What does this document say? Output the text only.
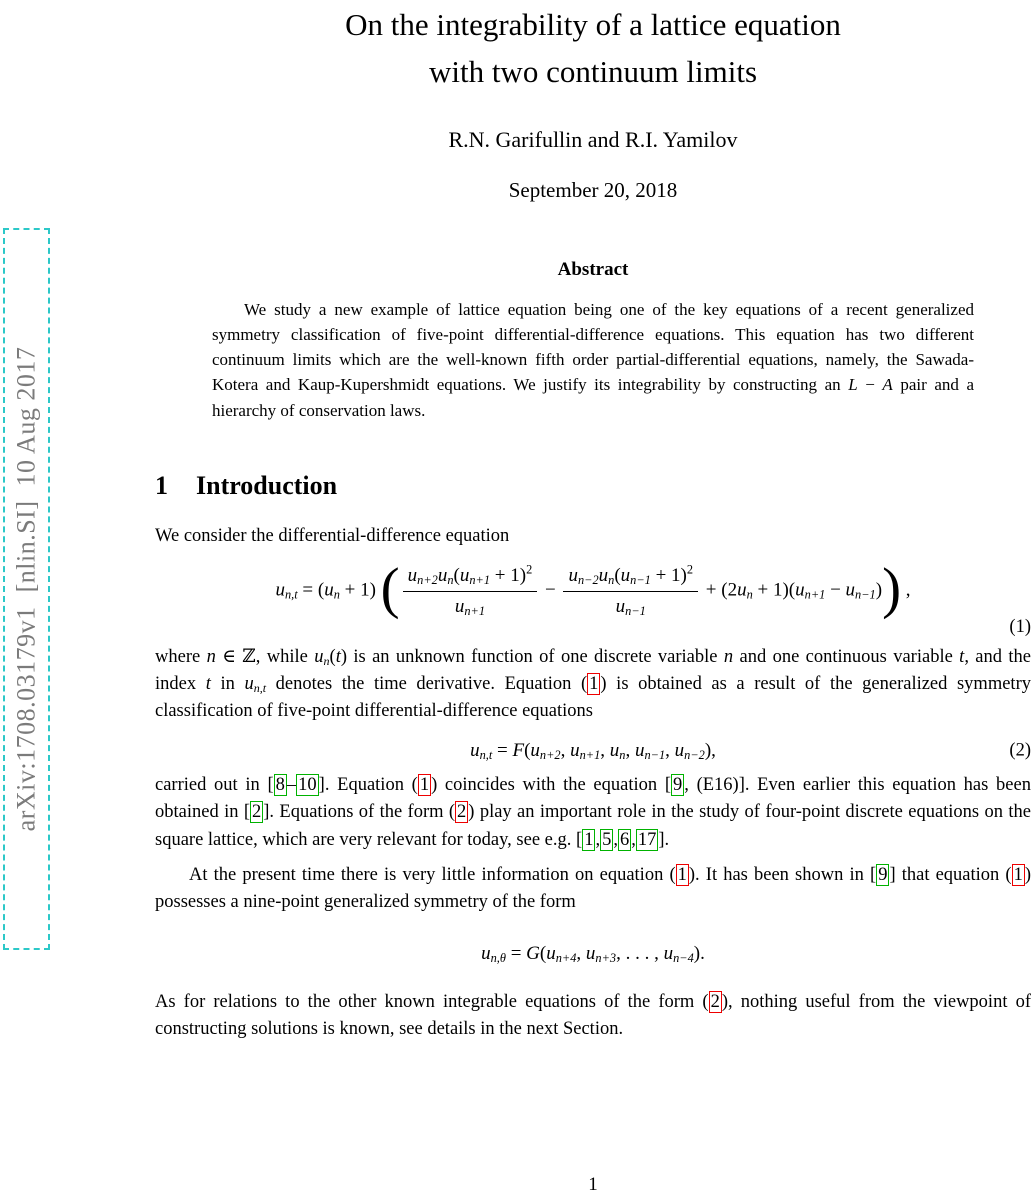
arXiv:1708.03179v1  [nlin.SI]  10 Aug 2017
On the integrability of a lattice equation
with two continuum limits
R.N. Garifullin and R.I. Yamilov
September 20, 2018
Abstract

We study a new example of lattice equation being one of the key equations of a recent generalized symmetry classification of five-point differential-difference equations. This equation has two different continuum limits which are the well-known fifth order partial-differential equations, namely, the Sawada-Kotera and Kaup-Kupershmidt equations. We justify its integrability by constructing an L − A pair and a hierarchy of conservation laws.

1 Introduction

We consider the differential-difference equation

$u_{n,t} = (u_n + 1)$ ( $\frac{u_{n+2}u_n(u_{n+1} + 1)^2}{u_{n+1}} - \frac{u_{n-2}u_n(u_{n-1} + 1)^2}{u_{n-1}} + (2u_n + 1)(u_{n+1} - u_{n-1})$) ,
(1)

where n ∈ ℤ, while $u_n(t)$ is an unknown function of one discrete variable n and one continuous variable t, and the index t in $u_{n,t}$ denotes the time derivative. Equation ( 1 ) is obtained as a result of the generalized symmetry classification of five-point differential-difference equations

$u_{n,t} = F(u_{n+2}$, $u_{n+1}$, $u_n$, $u_{n-1}$, $u_{n-2}$),	(2)

carried out in [ 8 – 10 ]. Equation ( 1 ) coincides with the equation [ 9 , (E16)]. Even earlier this equation has been obtained in [ 2 ]. Equations of the form ( 2 ) play an important role in the study of four-point discrete equations on the square lattice, which are very relevant for today, see e.g. [ 1 , 5 , 6 , 17 ].

At the present time there is very little information on equation ( 1 ). It has been shown in [ 9 ] that equation ( 1 ) possesses a nine-point generalized symmetry of the form

$u_{n,\theta} = G(u_{n+4}$, $u_{n+3}$, . . . , $u_{n-4}$).

As for relations to the other known integrable equations of the form ( 2 ), nothing useful from the viewpoint of constructing solutions is known, see details in the next Section.

1
